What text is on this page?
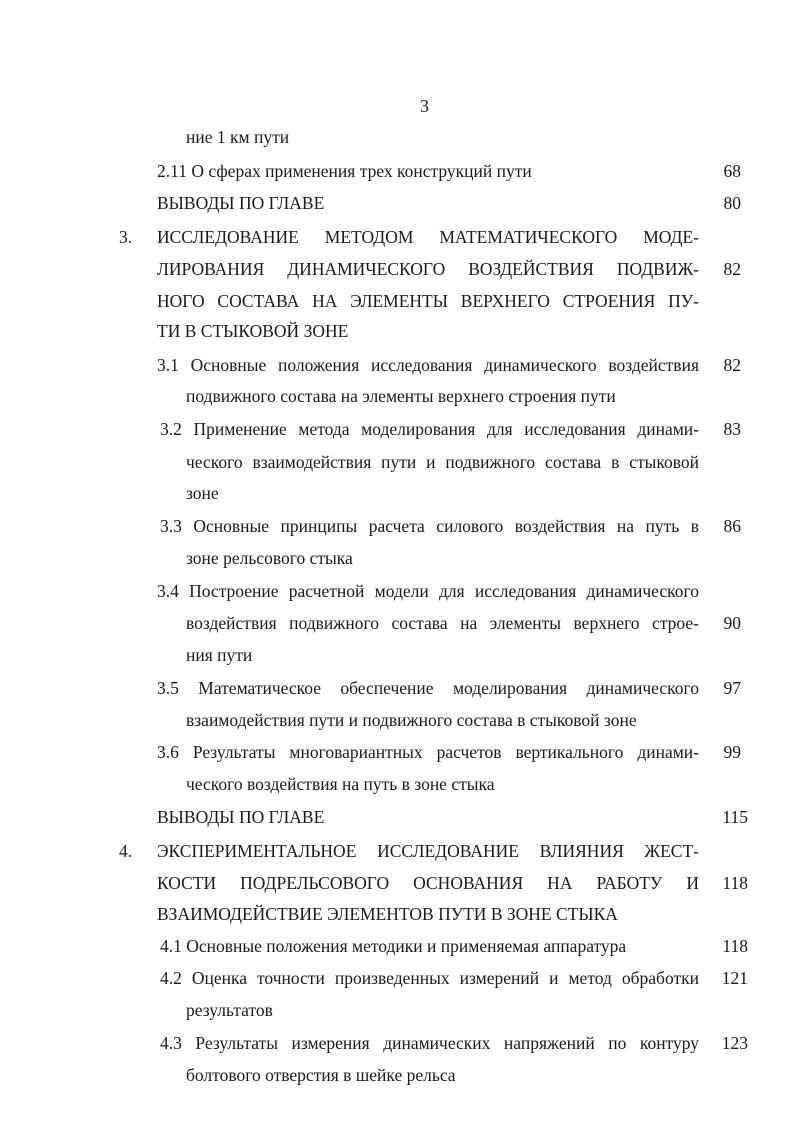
3
ние 1 км пути
2.11 О сферах применения трех конструкций пути	68
ВЫВОДЫ ПО ГЛАВЕ	80
3. ИССЛЕДОВАНИЕ МЕТОДОМ МАТЕМАТИЧЕСКОГО МОДЕ-
ЛИРОВАНИЯ ДИНАМИЧЕСКОГО ВОЗДЕЙСТВИЯ ПОДВИЖ-	82
НОГО СОСТАВА НА ЭЛЕМЕНТЫ ВЕРХНЕГО СТРОЕНИЯ ПУ-
ТИ В СТЫКОВОЙ ЗОНЕ
3.1 Основные положения исследования динамического воздействия	82
подвижного состава на элементы верхнего строения пути
3.2 Применение метода моделирования для исследования динами-	83
ческого взаимодействия пути и подвижного состава в стыковой
зоне
3.3 Основные принципы расчета силового воздействия на путь в	86
зоне рельсового стыка
3.4 Построение расчетной модели для исследования динамического
воздействия подвижного состава на элементы верхнего строе-	90
ния пути
3.5 Математическое обеспечение моделирования динамического	97
взаимодействия пути и подвижного состава в стыковой зоне
3.6 Результаты многовариантных расчетов вертикального динами-	99
ческого воздействия на путь в зоне стыка
ВЫВОДЫ ПО ГЛАВЕ	115
4. ЭКСПЕРИМЕНТАЛЬНОЕ ИССЛЕДОВАНИЕ ВЛИЯНИЯ ЖЕСТ-
КОСТИ ПОДРЕЛЬСОВОГО ОСНОВАНИЯ НА РАБОТУ И	118
ВЗАИМОДЕЙСТВИЕ ЭЛЕМЕНТОВ ПУТИ В ЗОНЕ СТЫКА
4.1 Основные положения методики и применяемая аппаратура	118
4.2 Оценка точности произведенных измерений и метод обработки	121
результатов
4.3 Результаты измерения динамических напряжений по контуру	123
болтового отверстия в шейке рельса
